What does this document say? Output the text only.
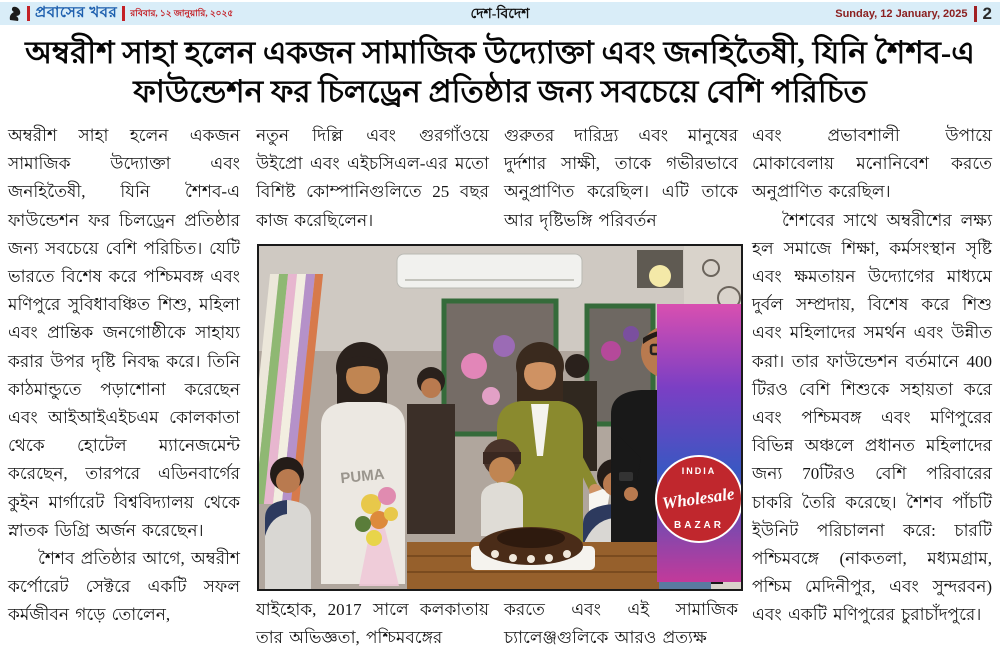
প্রবাসের খবর রবিবার, ১২ জানুয়ারি, ২০২৫	দেশ-বিদেশ	Sunday, 12 January, 2025 2
অম্বরীশ সাহা হলেন একজন সামাজিক উদ্যোক্তা এবং জনহিতৈষী, যিনি শৈশব-এ
ফাউন্ডেশন ফর চিলড্রেন প্রতিষ্ঠার জন্য সবচেয়ে বেশি পরিচিত

অম্বরীশ সাহা হলেন একজন সামাজিক উদ্যোক্তা এবং জনহিতৈষী, যিনি শৈশব-এ ফাউন্ডেশন ফর চিলড্রেন প্রতিষ্ঠার জন্য সবচেয়ে বেশি পরিচিত। যেটি ভারতে বিশেষ করে পশ্চিমবঙ্গ এবং মণিপুরে সুবিধাবঞ্চিত শিশু, মহিলা এবং প্রান্তিক জনগোষ্ঠীকে সাহায্য করার উপর দৃষ্টি নিবদ্ধ করে। তিনি কাঠমান্ডুতে পড়াশোনা করেছেন এবং আইআইএইচএম কোলকাতা থেকে হোটেল ম্যানেজমেন্ট করেছেন, তারপরে এডিনবার্গের কুইন মার্গারেট বিশ্ববিদ্যালয় থেকে স্নাতক ডিগ্রি অর্জন করেছেন।

শৈশব প্রতিষ্ঠার আগে, অম্বরীশ কর্পোরেট সেক্টরে একটি সফল কর্মজীবন গড়ে তোলেন,

নতুন দিল্লি এবং গুরগাঁওয়ে উইপ্রো এবং এইচসিএল-এর মতো বিশিষ্ট কোম্পানিগুলিতে 25 বছর কাজ করেছিলেন।

গুরুতর দারিদ্র্য এবং মানুষের দুর্দশার সাক্ষী, তাকে গভীরভাবে অনুপ্রাণিত করেছিল। এটি তাকে আর দৃষ্টিভঙ্গি পরিবর্তন

যাইহোক, 2017 সালে কলকাতায় তার অভিজ্ঞতা, পশ্চিমবঙ্গের

করতে এবং এই সামাজিক চ্যালেঞ্জগুলিকে আরও প্রত্যক্ষ

এবং প্রভাবশালী উপায়ে মোকাবেলায় মনোনিবেশ করতে অনুপ্রাণিত করেছিল।

শৈশবের সাথে অম্বরীশের লক্ষ্য হল সমাজে শিক্ষা, কর্মসংস্থান সৃষ্টি এবং ক্ষমতায়ন উদ্যোগের মাধ্যমে দুর্বল সম্প্রদায়, বিশেষ করে শিশু এবং মহিলাদের সমর্থন এবং উন্নীত করা। তার ফাউন্ডেশন বর্তমানে 400 টিরও বেশি শিশুকে সহায়তা করে এবং পশ্চিমবঙ্গ এবং মণিপুরের বিভিন্ন অঞ্চলে প্রধানত মহিলাদের জন্য 70টিরও বেশি পরিবারের চাকরি তৈরি করেছে। শৈশব পাঁচটি ইউনিট পরিচালনা করে: চারটি পশ্চিমবঙ্গে (নাকতলা, মধ্যমগ্রাম, পশ্চিম মেদিনীপুর, এবং সুন্দরবন) এবং একটি মণিপুরের চুরাচাঁদপুরে।

PUMA	INDIA
Wholesale
BAZAR
